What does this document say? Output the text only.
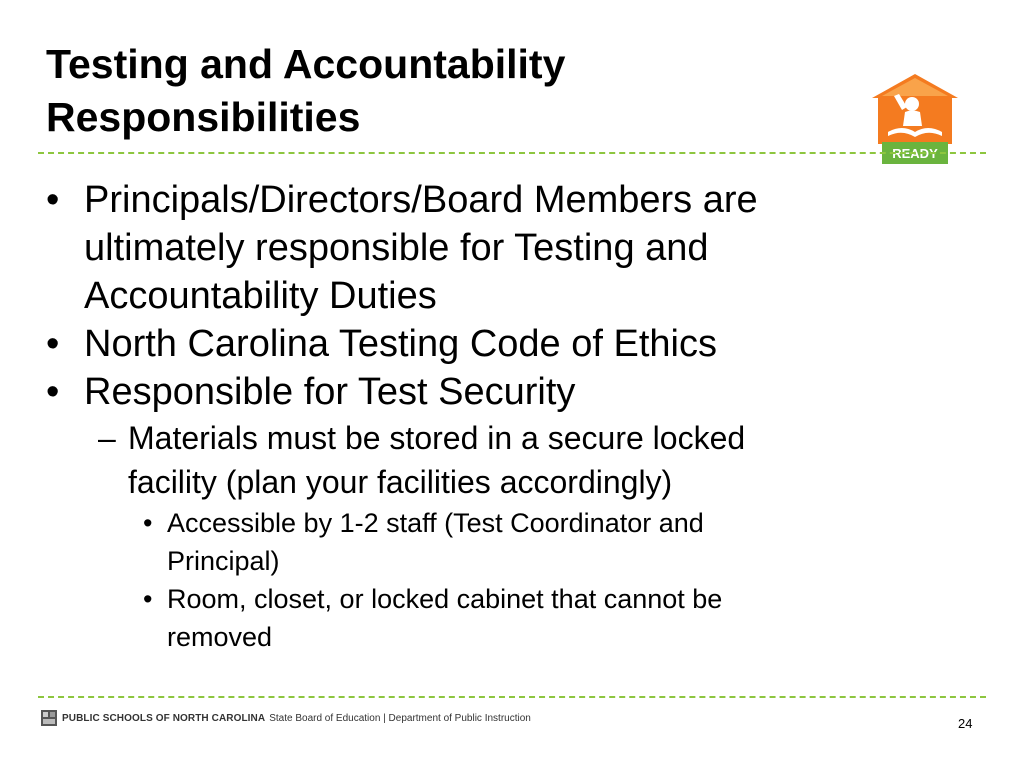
Testing and Accountability
Responsibilities
READY
• Principals/Directors/Board Members are
ultimately responsible for Testing and
Accountability Duties
• North Carolina Testing Code of Ethics
• Responsible for Test Security
– Materials must be stored in a secure locked
facility (plan your facilities accordingly)
• Accessible by 1-2 staff (Test Coordinator and
Principal)
• Room, closet, or locked cabinet that cannot be
removed
PUBLIC SCHOOLS OF NORTH CAROLINA State Board of Education | Department of Public Instruction	24
